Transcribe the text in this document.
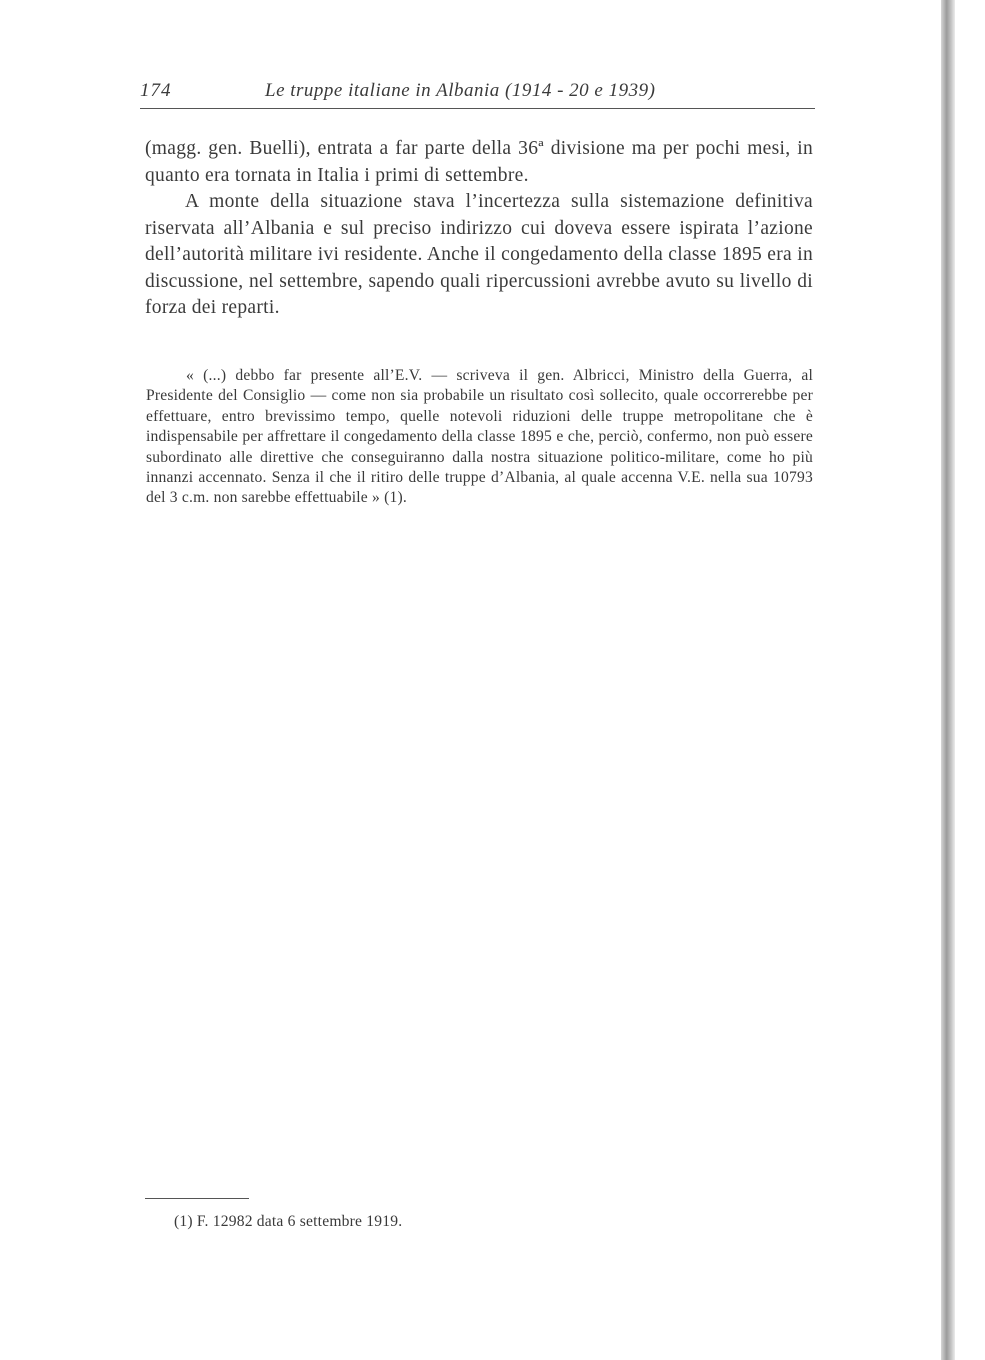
174	Le truppe italiane in Albania (1914 - 20 e 1939)

(magg. gen. Buelli), entrata a far parte della 36ª divisione ma per pochi mesi, in quanto era tornata in Italia i primi di settembre.

A monte della situazione stava l’incertezza sulla sistemazione definitiva riservata all’Albania e sul preciso indirizzo cui doveva essere ispirata l’azione dell’autorità militare ivi residente. Anche il congedamento della classe 1895 era in discussione, nel settembre, sapendo quali ripercussioni avrebbe avuto su livello di forza dei reparti.

« (...) debbo far presente all’E.V. — scriveva il gen. Albricci, Ministro della Guerra, al Presidente del Consiglio — come non sia probabile un risultato così sollecito, quale occorrerebbe per effettuare, entro brevissimo tempo, quelle notevoli riduzioni delle truppe metropolitane che è indispensabile per affrettare il congedamento della classe 1895 e che, perciò, confermo, non può essere subordinato alle direttive che conseguiranno dalla nostra situazione politico-militare, come ho più innanzi accennato. Senza il che il ritiro delle truppe d’Albania, al quale accenna V.E. nella sua 10793 del 3 c.m. non sarebbe effettuabile » (1).

(1) F. 12982 data 6 settembre 1919.
